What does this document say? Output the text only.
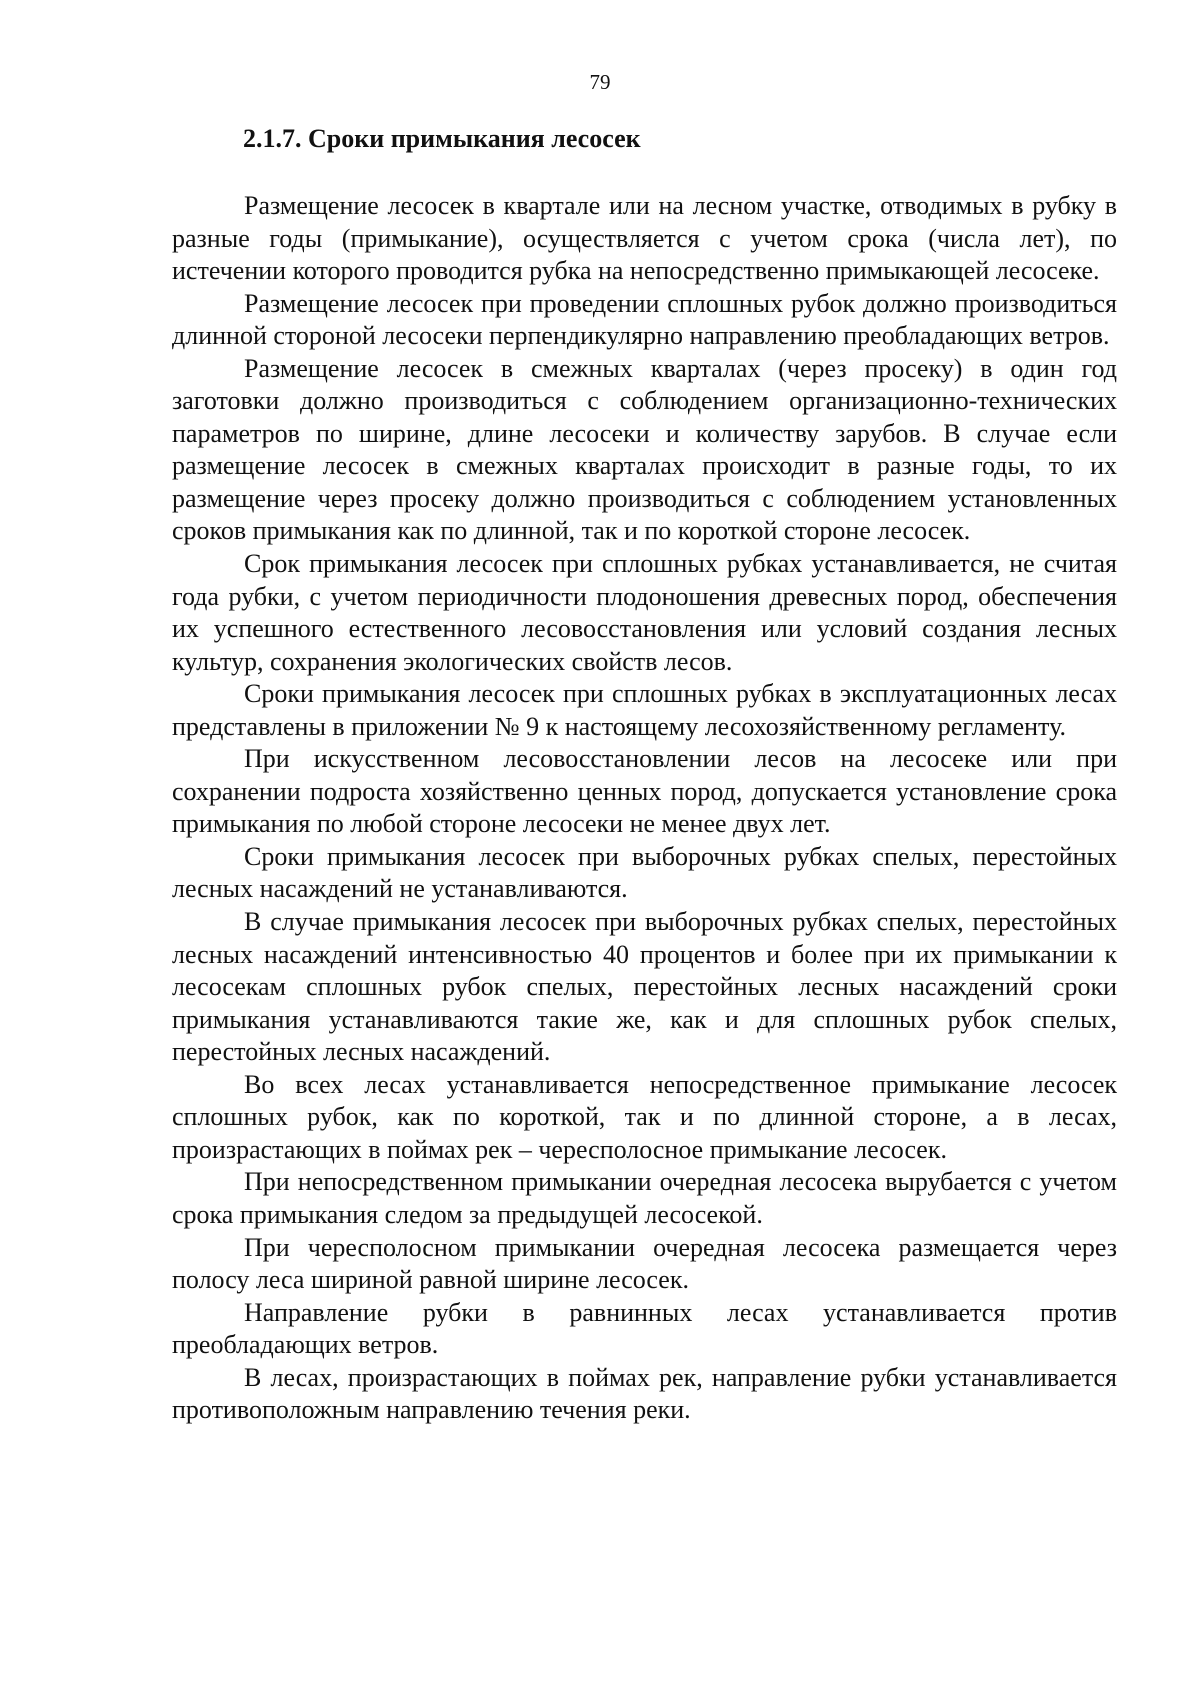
79
2.1.7. Сроки примыкания лесосек

Размещение лесосек в квартале или на лесном участке, отводимых в рубку в разные годы (примыкание), осуществляется с учетом срока (числа лет), по истечении которого проводится рубка на непосредственно примыкающей лесосеке.

Размещение лесосек при проведении сплошных рубок должно производиться длинной стороной лесосеки перпендикулярно направлению преобладающих ветров.

Размещение лесосек в смежных кварталах (через просеку) в один год заготовки должно производиться с соблюдением организационно-технических параметров по ширине, длине лесосеки и количеству зарубов. В случае если размещение лесосек в смежных кварталах происходит в разные годы, то их размещение через просеку должно производиться с соблюдением установленных сроков примыкания как по длинной, так и по короткой стороне лесосек.

Срок примыкания лесосек при сплошных рубках устанавливается, не считая года рубки, с учетом периодичности плодоношения древесных пород, обеспечения их успешного естественного лесовосстановления или условий создания лесных культур, сохранения экологических свойств лесов.

Сроки примыкания лесосек при сплошных рубках в эксплуатационных лесах представлены в приложении № 9 к настоящему лесохозяйственному регламенту.

При искусственном лесовосстановлении лесов на лесосеке или при сохранении подроста хозяйственно ценных пород, допускается установление срока примыкания по любой стороне лесосеки не менее двух лет.

Сроки примыкания лесосек при выборочных рубках спелых, перестойных лесных насаждений не устанавливаются.

В случае примыкания лесосек при выборочных рубках спелых, перестойных лесных насаждений интенсивностью 40 процентов и более при их примыкании к лесосекам сплошных рубок спелых, перестойных лесных насаждений сроки примыкания устанавливаются такие же, как и для сплошных рубок спелых, перестойных лесных насаждений.

Во всех лесах устанавливается непосредственное примыкание лесосек сплошных рубок, как по короткой, так и по длинной стороне, а в лесах, произрастающих в поймах рек – чересполосное примыкание лесосек.

При непосредственном примыкании очередная лесосека вырубается с учетом срока примыкания следом за предыдущей лесосекой.

При чересполосном примыкании очередная лесосека размещается через полосу леса шириной равной ширине лесосек.

Направление рубки в равнинных лесах устанавливается против преобладающих ветров.

В лесах, произрастающих в поймах рек, направление рубки устанавливается противоположным направлению течения реки.
